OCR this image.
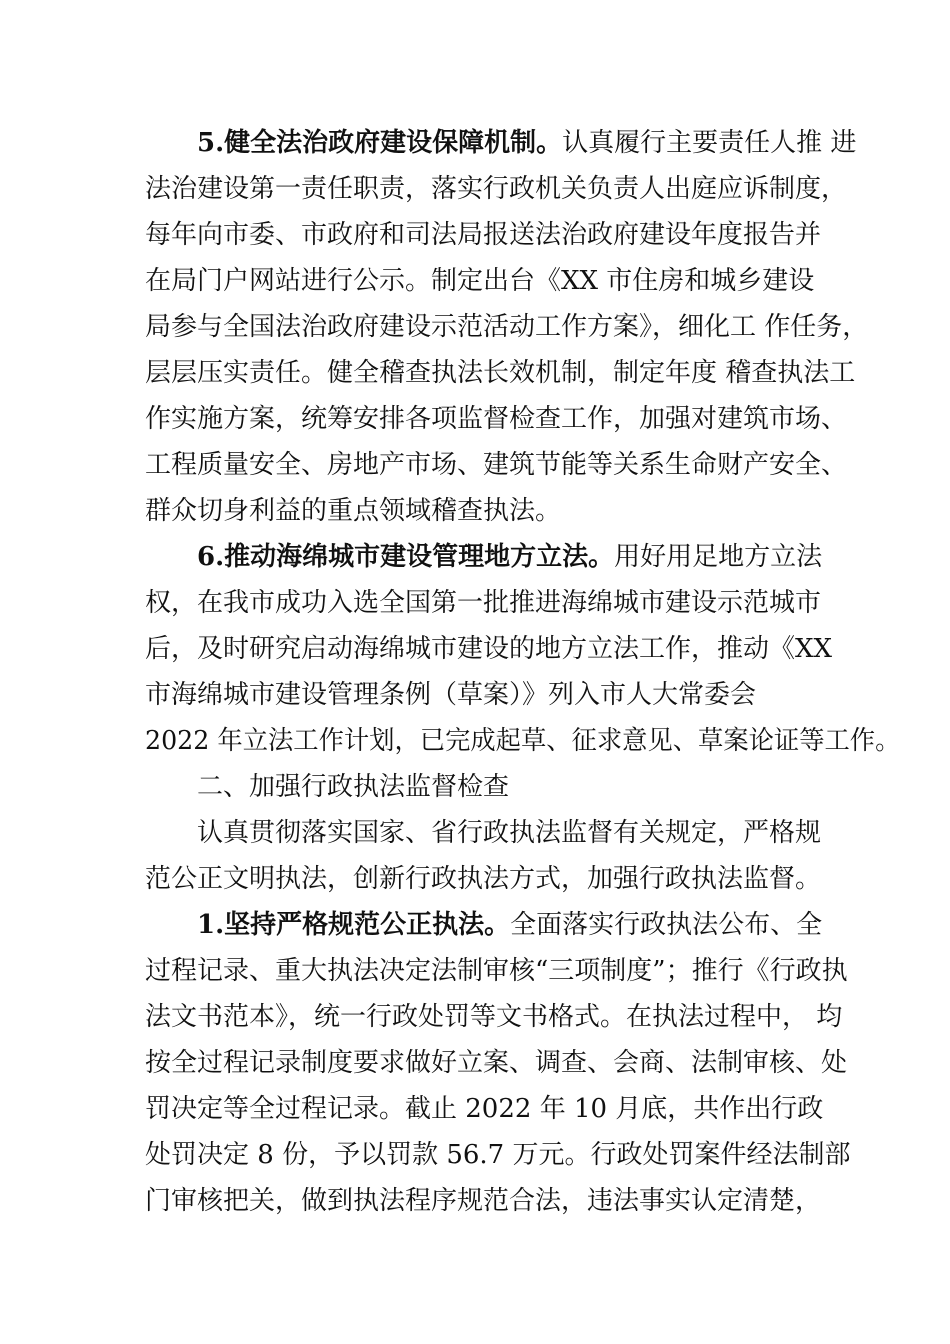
5.健全法治政府建设保障机制。认真履行主要责任人推 进
法治建设第一责任职责，落实行政机关负责人出庭应诉制度，
每年向市委、市政府和司法局报送法治政府建设年度报告并
在局门户网站进行公示。制定出台《XX 市住房和城乡建设
局参与全国法治政府建设示范活动工作方案》，细化工 作任务，
层层压实责任。健全稽查执法长效机制，制定年度 稽查执法工
作实施方案，统筹安排各项监督检查工作，加强对建筑市场、
工程质量安全、房地产市场、建筑节能等关系生命财产安全、
群众切身利益的重点领域稽查执法。
6.推动海绵城市建设管理地方立法。用好用足地方立法
权，在我市成功入选全国第一批推进海绵城市建设示范城市
后，及时研究启动海绵城市建设的地方立法工作，推动《XX
市海绵城市建设管理条例（草案）》列入市人大常委会
2022 年立法工作计划，已完成起草、征求意见、草案论证等工作。
二、加强行政执法监督检查
认真贯彻落实国家、省行政执法监督有关规定，严格规
范公正文明执法，创新行政执法方式，加强行政执法监督。
1.坚持严格规范公正执法。全面落实行政执法公布、全
过程记录、重大执法决定法制审核“三项制度”；推行《行政执
法文书范本》，统一行政处罚等文书格式。在执法过程中， 均
按全过程记录制度要求做好立案、调查、会商、法制审核、处
罚决定等全过程记录。截止 2022 年 10 月底，共作出行政
处罚决定 8 份，予以罚款 56.7 万元。行政处罚案件经法制部
门审核把关，做到执法程序规范合法，违法事实认定清楚，
